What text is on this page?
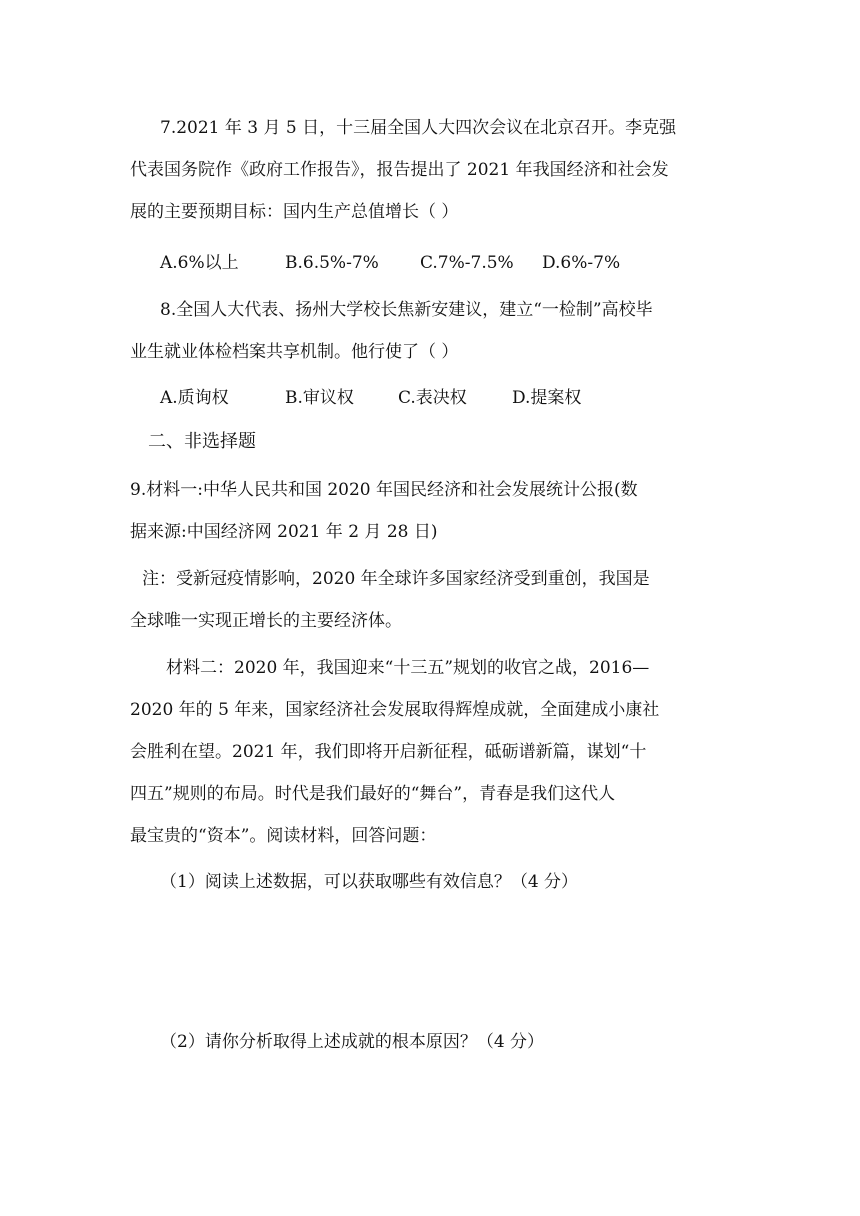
7.2021 年 3 月 5 日，十三届全国人大四次会议在北京召开。李克强
代表国务院作《政府工作报告》，报告提出了 2021 年我国经济和社会发
展的主要预期目标：国内生产总值增长（ ）
A.6%以上	B.6.5%-7% C.7%-7.5% D.6%-7%
8.全国人大代表、扬州大学校长焦新安建议，建立“一检制”高校毕
业生就业体检档案共享机制。他行使了（ ）
A.质询权	B.审议权	C.表决权	D.提案权
二、非选择题
9.材料一:中华人民共和国 2020 年国民经济和社会发展统计公报(数
据来源:中国经济网 2021 年 2 月 28 日)
注：受新冠疫情影响，2020 年全球许多国家经济受到重创，我国是
全球唯一实现正增长的主要经济体。
材料二：2020 年，我国迎来“十三五”规划的收官之战，2016—
2020 年的 5 年来，国家经济社会发展取得辉煌成就，全面建成小康社
会胜利在望。2021 年，我们即将开启新征程，砥砺谱新篇，谋划“十
四五”规则的布局。时代是我们最好的“舞台”，青春是我们这代人
最宝贵的“资本”。阅读材料，回答问题：
（1）阅读上述数据，可以获取哪些有效信息？（4 分）
（2）请你分析取得上述成就的根本原因？（4 分）
